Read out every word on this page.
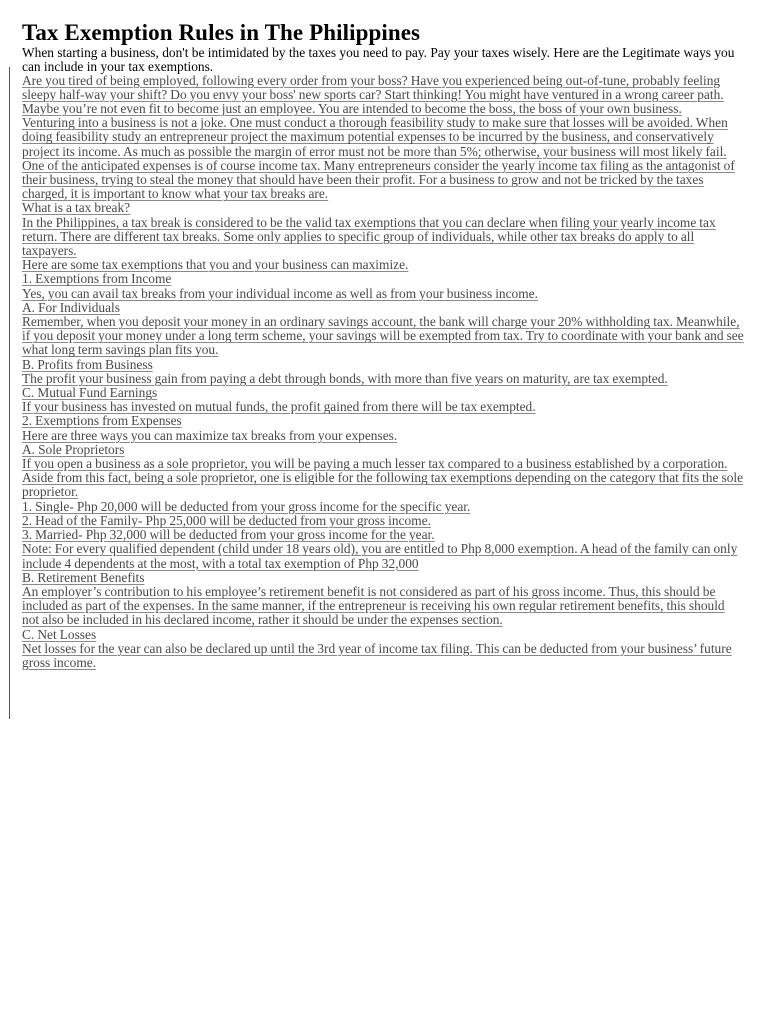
Tax Exemption Rules in The Philippines

When starting a business, don't be intimidated by the taxes you need to pay. Pay your taxes wisely. Here are the Legitimate ways you can include in your tax exemptions.

Are you tired of being employed, following every order from your boss? Have you experienced being out-of-tune, probably feeling sleepy half-way your shift? Do you envy your boss' new sports car? Start thinking! You might have ventured in a wrong career path. Maybe you’re not even fit to become just an employee. You are intended to become the boss, the boss of your own business.

Venturing into a business is not a joke. One must conduct a thorough feasibility study to make sure that losses will be avoided. When doing feasibility study an entrepreneur project the maximum potential expenses to be incurred by the business, and conservatively project its income. As much as possible the margin of error must not be more than 5%; otherwise, your business will most likely fail.

One of the anticipated expenses is of course income tax. Many entrepreneurs consider the yearly income tax filing as the antagonist of their business, trying to steal the money that should have been their profit. For a business to grow and not be tricked by the taxes charged, it is important to know what your tax breaks are.

What is a tax break?

In the Philippines, a tax break is considered to be the valid tax exemptions that you can declare when filing your yearly income tax return. There are different tax breaks. Some only applies to specific group of individuals, while other tax breaks do apply to all taxpayers.

Here are some tax exemptions that you and your business can maximize.

1. Exemptions from Income

Yes, you can avail tax breaks from your individual income as well as from your business income.

A. For Individuals

Remember, when you deposit your money in an ordinary savings account, the bank will charge your 20% withholding tax. Meanwhile, if you deposit your money under a long term scheme, your savings will be exempted from tax. Try to coordinate with your bank and see what long term savings plan fits you.

B. Profits from Business

The profit your business gain from paying a debt through bonds, with more than five years on maturity, are tax exempted.

C. Mutual Fund Earnings

If your business has invested on mutual funds, the profit gained from there will be tax exempted.

2. Exemptions from Expenses

Here are three ways you can maximize tax breaks from your expenses.

A. Sole Proprietors

If you open a business as a sole proprietor, you will be paying a much lesser tax compared to a business established by a corporation. Aside from this fact, being a sole proprietor, one is eligible for the following tax exemptions depending on the category that fits the sole proprietor.

1. Single- Php 20,000 will be deducted from your gross income for the specific year.

2. Head of the Family- Php 25,000 will be deducted from your gross income.

3. Married- Php 32,000 will be deducted from your gross income for the year.

Note: For every qualified dependent (child under 18 years old), you are entitled to Php 8,000 exemption. A head of the family can only include 4 dependents at the most, with a total tax exemption of Php 32,000

B. Retirement Benefits

An employer’s contribution to his employee’s retirement benefit is not considered as part of his gross income. Thus, this should be included as part of the expenses. In the same manner, if the entrepreneur is receiving his own regular retirement benefits, this should not also be included in his declared income, rather it should be under the expenses section.

C. Net Losses

Net losses for the year can also be declared up until the 3rd year of income tax filing. This can be deducted from your business’ future gross income.
